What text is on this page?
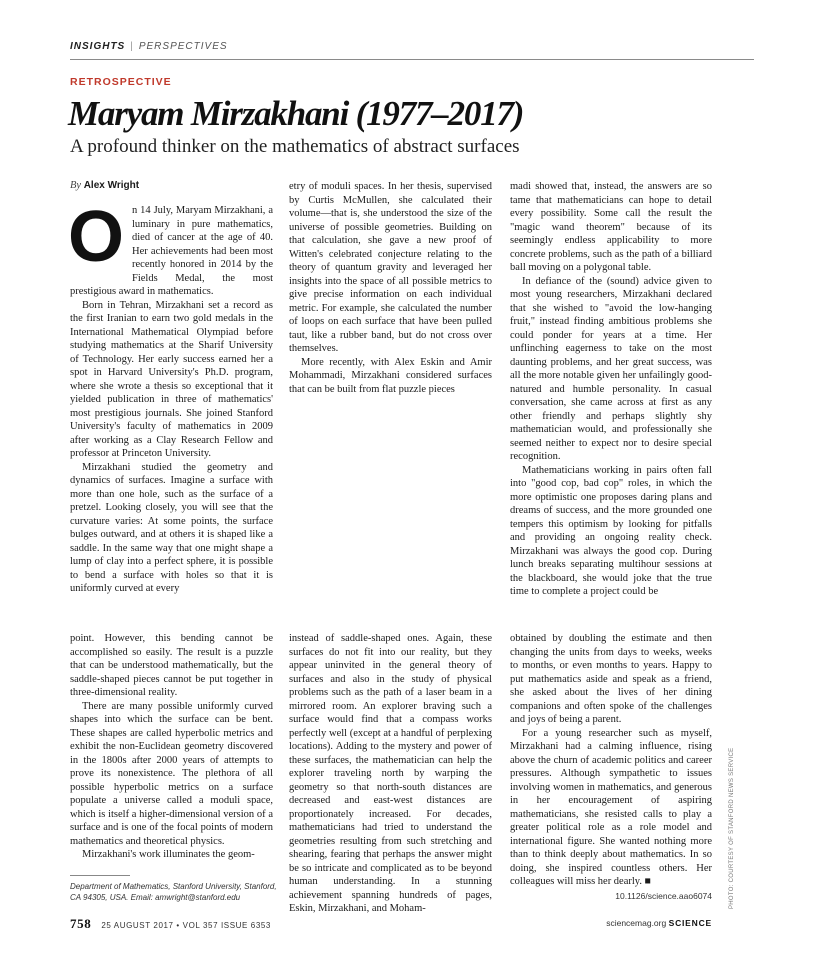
INSIGHTS | PERSPECTIVES
RETROSPECTIVE
Maryam Mirzakhani (1977–2017)
A profound thinker on the mathematics of abstract surfaces
By Alex Wright

On 14 July, Maryam Mirzakhani, a luminary in pure mathematics, died of cancer at the age of 40. Her achievements had been most recently honored in 2014 by the Fields Medal, the most prestigious award in mathematics.

Born in Tehran, Mirzakhani set a record as the first Iranian to earn two gold medals in the International Mathematical Olympiad before studying mathematics at the Sharif University of Technology. Her early success earned her a spot in Harvard University's Ph.D. program, where she wrote a thesis so exceptional that it yielded publication in three of mathematics' most prestigious journals. She joined Stanford University's faculty of mathematics in 2009 after working as a Clay Research Fellow and professor at Princeton University.

Mirzakhani studied the geometry and dynamics of surfaces. Imagine a surface with more than one hole, such as the surface of a pretzel. Looking closely, you will see that the curvature varies: At some points, the surface bulges outward, and at others it is shaped like a saddle. In the same way that one might shape a lump of clay into a perfect sphere, it is possible to bend a surface with holes so that it is uniformly curved at every

point. However, this bending cannot be accomplished so easily. The result is a puzzle that can be understood mathematically, but the saddle-shaped pieces cannot be put together in three-dimensional reality.

There are many possible uniformly curved shapes into which the surface can be bent. These shapes are called hyperbolic metrics and exhibit the non-Euclidean geometry discovered in the 1800s after 2000 years of attempts to prove its nonexistence. The plethora of all possible hyperbolic metrics on a surface populate a universe called a moduli space, which is itself a higher-dimensional version of a surface and is one of the focal points of modern mathematics and theoretical physics.

Mirzakhani's work illuminates the geom-

etry of moduli spaces. In her thesis, supervised by Curtis McMullen, she calculated their volume—that is, she understood the size of the universe of possible geometries. Building on that calculation, she gave a new proof of Witten's celebrated conjecture relating to the theory of quantum gravity and leveraged her insights into the space of all possible metrics to give precise information on each individual metric. For example, she calculated the number of loops on each surface that have been pulled taut, like a rubber band, but do not cross over themselves.

More recently, with Alex Eskin and Amir Mohammadi, Mirzakhani considered surfaces that can be built from flat puzzle pieces

instead of saddle-shaped ones. Again, these surfaces do not fit into our reality, but they appear uninvited in the general theory of surfaces and also in the study of physical problems such as the path of a laser beam in a mirrored room. An explorer braving such a surface would find that a compass works perfectly well (except at a handful of perplexing locations). Adding to the mystery and power of these surfaces, the mathematician can help the explorer traveling north by warping the geometry so that north-south distances are decreased and east-west distances are proportionately increased. For decades, mathematicians had tried to understand the geometries resulting from such stretching and shearing, fearing that perhaps the answer might be so intricate and complicated as to be beyond human understanding. In a stunning achievement spanning hundreds of pages, Eskin, Mirzakhani, and Moham-

madi showed that, instead, the answers are so tame that mathematicians can hope to detail every possibility. Some call the result the "magic wand theorem" because of its seemingly endless applicability to more concrete problems, such as the path of a billiard ball moving on a polygonal table.

In defiance of the (sound) advice given to most young researchers, Mirzakhani declared that she wished to "avoid the low-hanging fruit," instead finding ambitious problems she could ponder for years at a time. Her unflinching eagerness to take on the most daunting problems, and her great success, was all the more notable given her unfailingly good-natured and humble personality. In casual conversation, she came across at first as any other friendly and perhaps slightly shy mathematician would, and professionally she seemed neither to expect nor to desire special recognition.

Mathematicians working in pairs often fall into "good cop, bad cop" roles, in which the more optimistic one proposes daring plans and dreams of success, and the more grounded one tempers this optimism by looking for pitfalls and providing an ongoing reality check. Mirzakhani was always the good cop. During lunch breaks separating multihour sessions at the blackboard, she would joke that the true time to complete a project could be

obtained by doubling the estimate and then changing the units from days to weeks, weeks to months, or even months to years. Happy to put mathematics aside and speak as a friend, she asked about the lives of her dining companions and often spoke of the challenges and joys of being a parent.

For a young researcher such as myself, Mirzakhani had a calming influence, rising above the churn of academic politics and career pressures. Although sympathetic to issues involving women in mathematics, and generous in her encouragement of aspiring mathematicians, she resisted calls to play a greater political role as a role model and international figure. She wanted nothing more than to think deeply about mathematics. In so doing, she inspired countless others. Her colleagues will miss her dearly. ■

Department of Mathematics, Stanford University, Stanford, CA 94305, USA. Email: amwright@stanford.edu	10.1126/science.aao6074	PHOTO: COURTESY OF STANFORD NEWS SERVICE
758 25 AUGUST 2017 • VOL 357 ISSUE 6353	sciencemag.org SCIENCE
